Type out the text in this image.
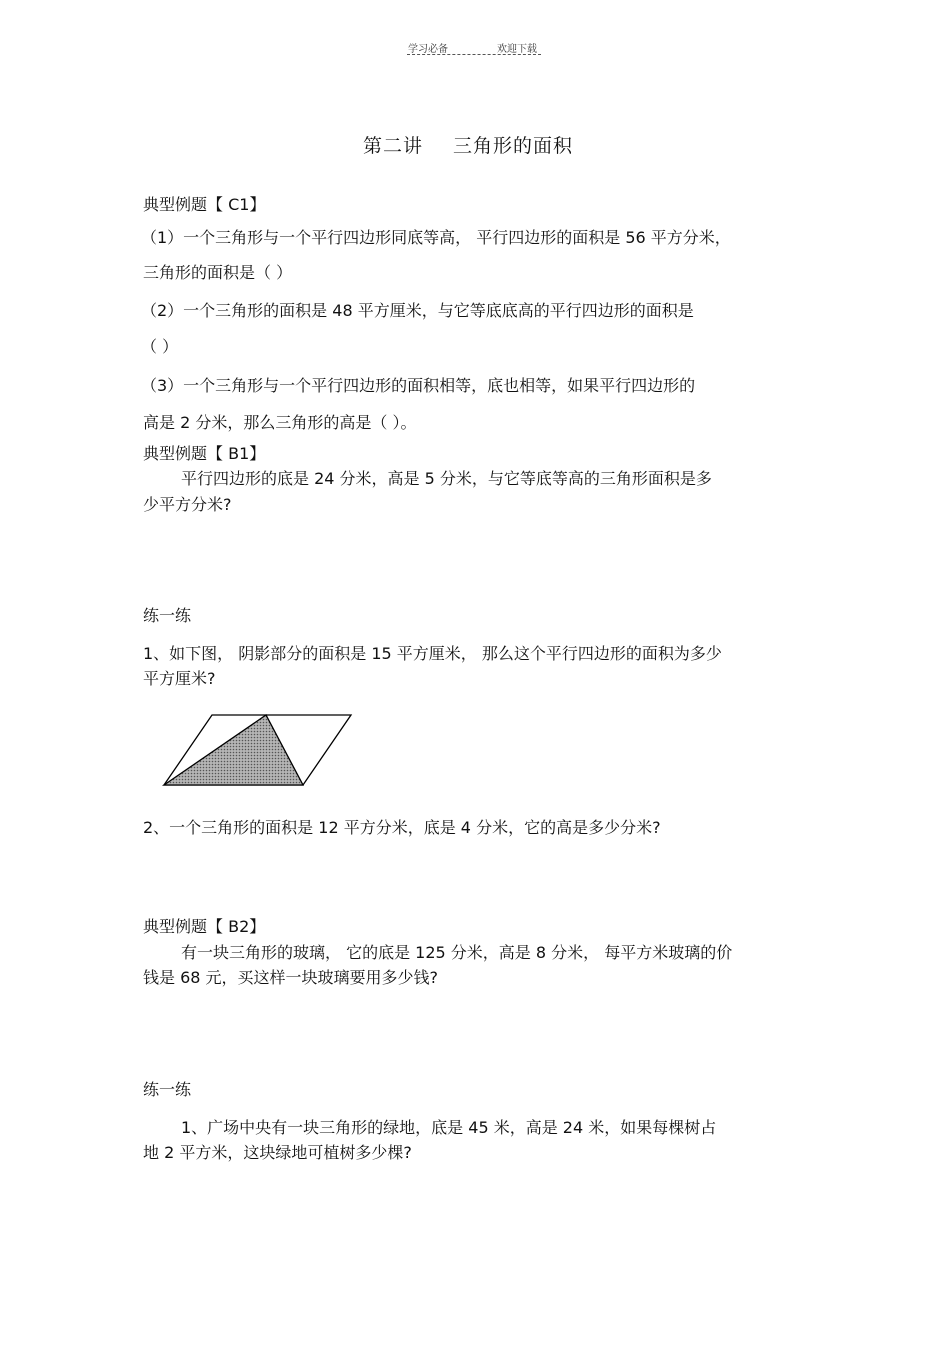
学习必备	欢迎下载
第二讲 三角形的面积
典型例题【 C1】
（1）一个三角形与一个平行四边形同底等高， 平行四边形的面积是 56 平方分米，
三角形的面积是（ ）
（2）一个三角形的面积是 48 平方厘米，与它等底底高的平行四边形的面积是
（ ）
（3）一个三角形与一个平行四边形的面积相等，底也相等，如果平行四边形的
高是 2 分米，那么三角形的高是（ ）。
典型例题【 B1】
平行四边形的底是 24 分米，高是 5 分米，与它等底等高的三角形面积是多
少平方分米?
练一练
1、如下图， 阴影部分的面积是 15 平方厘米， 那么这个平行四边形的面积为多少
平方厘米?
2、一个三角形的面积是 12 平方分米，底是 4 分米，它的高是多少分米?
典型例题【 B2】
有一块三角形的玻璃， 它的底是 125 分米，高是 8 分米， 每平方米玻璃的价
钱是 68 元，买这样一块玻璃要用多少钱?
练一练
1、广场中央有一块三角形的绿地，底是 45 米，高是 24 米，如果每棵树占
地 2 平方米，这块绿地可植树多少棵?
